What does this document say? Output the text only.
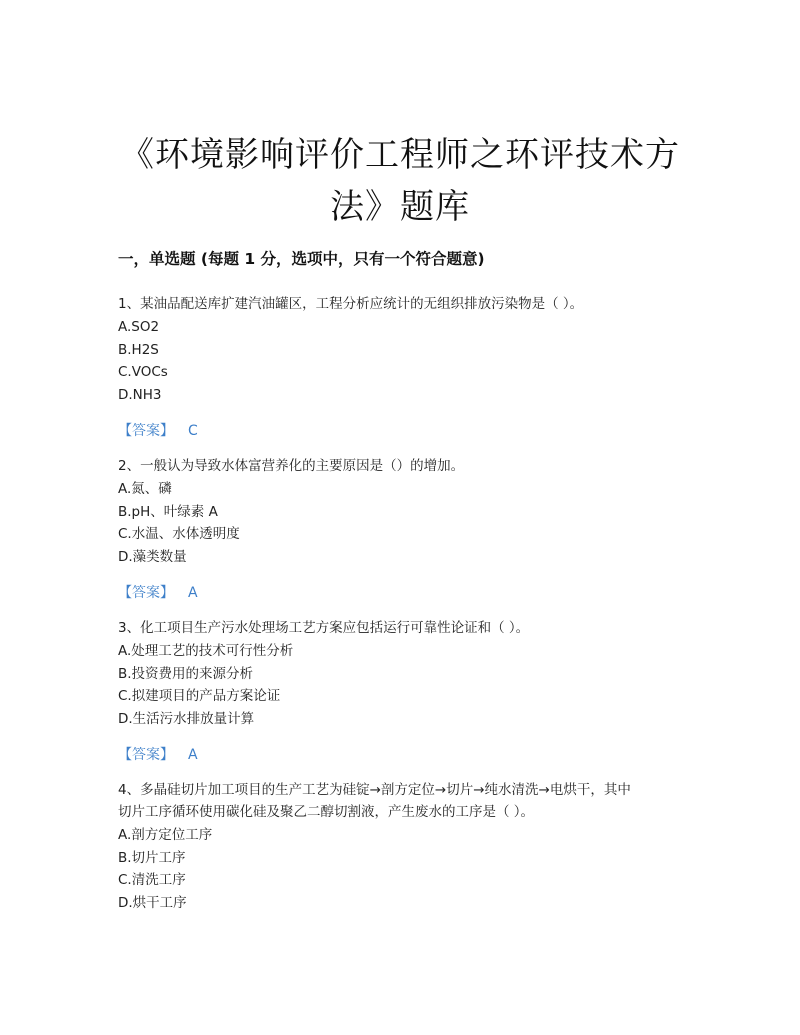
《环境影响评价工程师之环评技术方
法》题库
一，单选题 (每题 1 分，选项中，只有一个符合题意)
1、某油品配送库扩建汽油罐区，工程分析应统计的无组织排放污染物是（ ）。
A.SO2
B.H2S
C.VOCs
D.NH3
【答案】 C
2、一般认为导致水体富营养化的主要原因是（）的增加。
A.氮、磷
B.pH、叶绿素 A
C.水温、水体透明度
D.藻类数量
【答案】 A
3、化工项目生产污水处理场工艺方案应包括运行可靠性论证和（ ）。
A.处理工艺的技术可行性分析
B.投资费用的来源分析
C.拟建项目的产品方案论证
D.生活污水排放量计算
【答案】 A
4、多晶硅切片加工项目的生产工艺为硅锭→剖方定位→切片→纯水清洗→电烘干，其中
切片工序循环使用碳化硅及聚乙二醇切割液，产生废水的工序是（ ）。
A.剖方定位工序
B.切片工序
C.清洗工序
D.烘干工序
